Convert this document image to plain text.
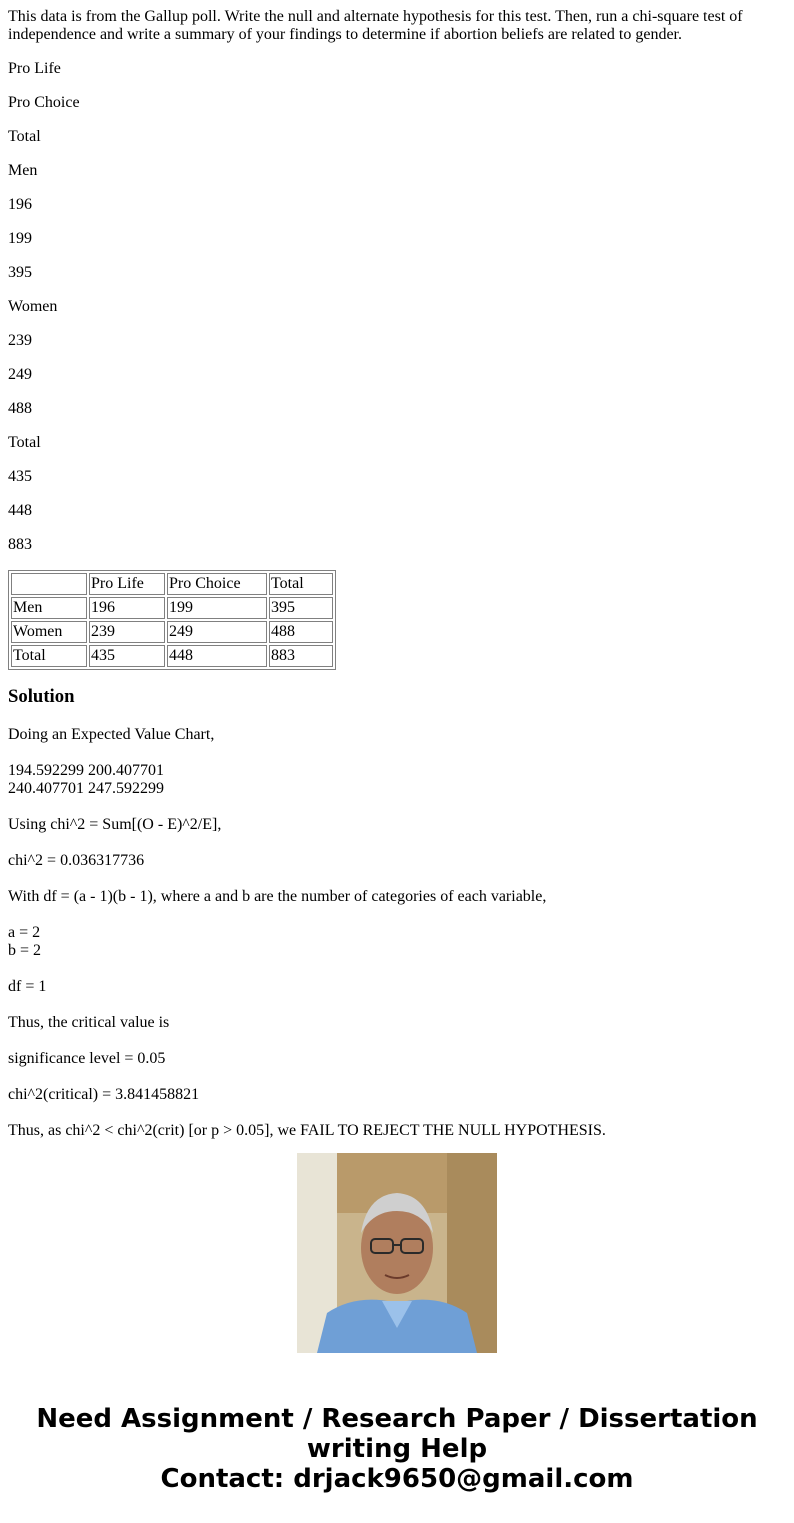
This data is from the Gallup poll. Write the null and alternate hypothesis for this test. Then, run a chi-square test of independence and write a summary of your findings to determine if abortion beliefs are related to gender.

Pro Life

Pro Choice

Total

Men

196

199

395

Women

239

249

488

Total

435

448

883

	Pro Life	Pro Choice	Total
Men	196	199	395
Women	239	249	488
Total	435	448	883
Solution

Doing an Expected Value Chart,

194.592299 200.407701
240.407701 247.592299

Using chi^2 = Sum[(O - E)^2/E],

chi^2 = 0.036317736

With df = (a - 1)(b - 1), where a and b are the number of categories of each variable,

a = 2
b = 2

df = 1

Thus, the critical value is

significance level = 0.05

chi^2(critical) = 3.841458821

Thus, as chi^2 < chi^2(crit) [or p > 0.05], we FAIL TO REJECT THE NULL HYPOTHESIS.

Need Assignment / Research Paper / Dissertation
writing Help
Contact: drjack9650@gmail.com
